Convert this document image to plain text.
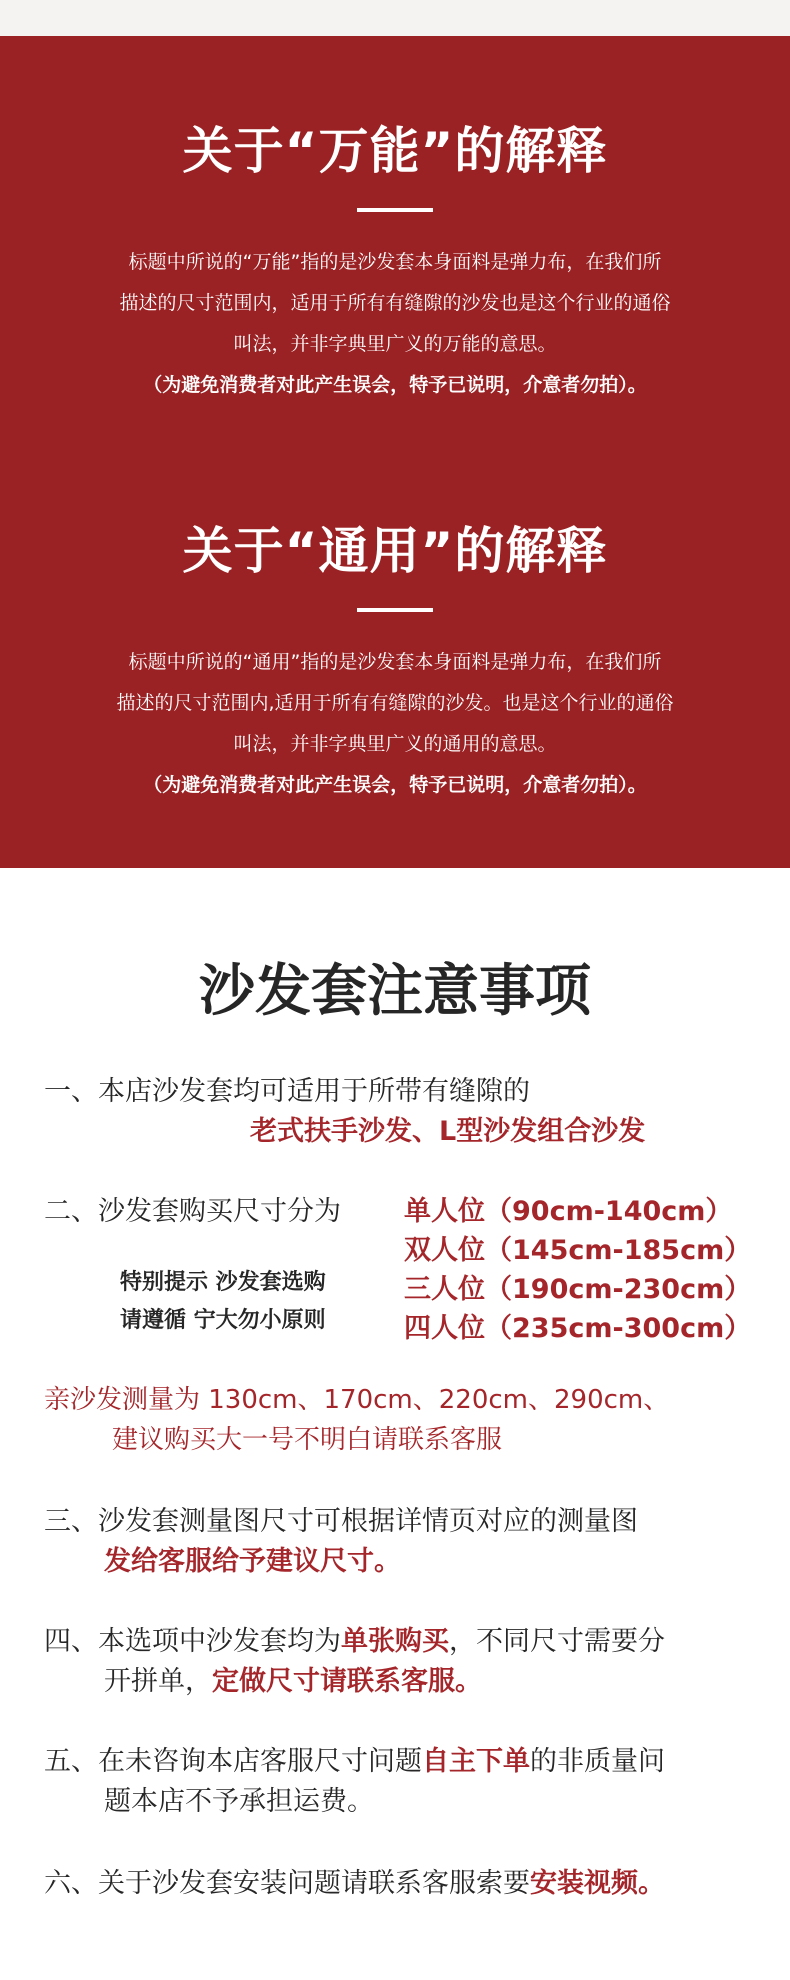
关于“万能”的解释

标题中所说的“万能”指的是沙发套本身面料是弹力布，在我们所

描述的尺寸范围内，适用于所有有缝隙的沙发也是这个行业的通俗

叫法，并非字典里广义的万能的意思。

（为避免消费者对此产生误会，特予已说明，介意者勿拍）。

关于“通用”的解释

标题中所说的“通用”指的是沙发套本身面料是弹力布，在我们所

描述的尺寸范围内,适用于所有有缝隙的沙发。也是这个行业的通俗

叫法，并非字典里广义的通用的意思。

（为避免消费者对此产生误会，特予已说明，介意者勿拍）。

沙发套注意事项
一、本店沙发套均可适用于所带有缝隙的
老式扶手沙发、L型沙发组合沙发
二、沙发套购买尺寸分为 单人位（90cm-140cm）
双人位（145cm-185cm）
三人位（190cm-230cm）
四人位（235cm-300cm）
特别提示 沙发套选购
请遵循 宁大勿小原则
亲沙发测量为 130cm、170cm、220cm、290cm、
建议购买大一号不明白请联系客服
三、沙发套测量图尺寸可根据详情页对应的测量图
发给客服给予建议尺寸。
四、本选项中沙发套均为单张购买，不同尺寸需要分
开拼单，定做尺寸请联系客服。
五、在未咨询本店客服尺寸问题自主下单的非质量问
题本店不予承担运费。
六、关于沙发套安装问题请联系客服索要安装视频。
